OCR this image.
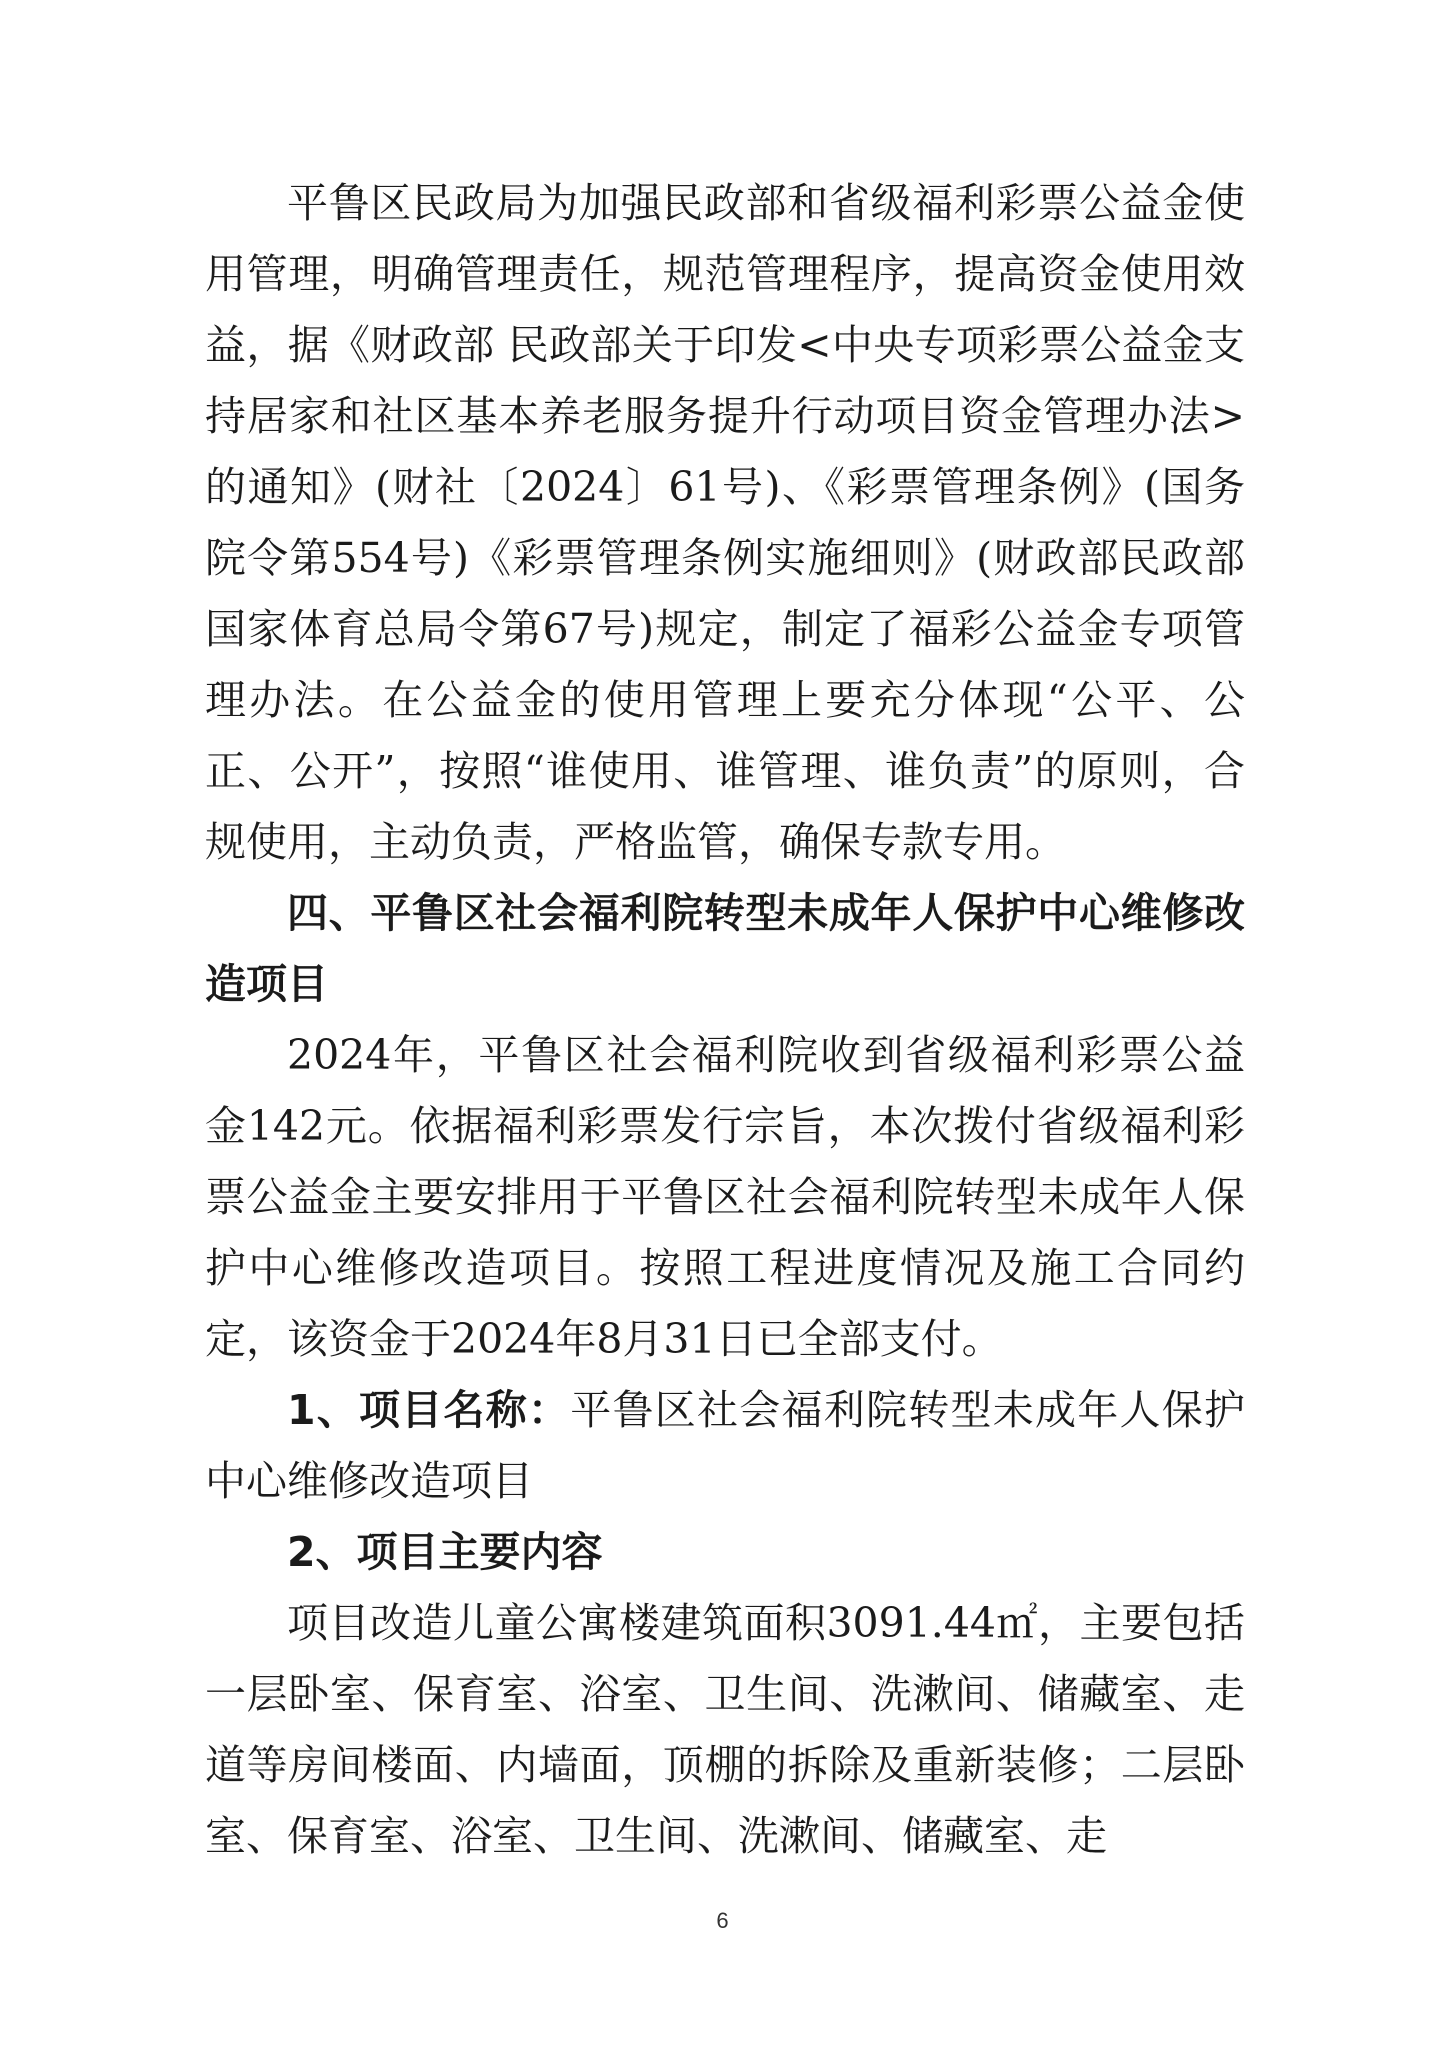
平鲁区民政局为加强民政部和省级福利彩票公益金使用管理，明确管理责任，规范管理程序，提高资金使用效益，据《财政部 民政部关于印发<中央专项彩票公益金支持居家和社区基本养老服务提升行动项目资金管理办法>的通知》(财社〔2024〕61号)、《彩票管理条例》(国务院令第554号)《彩票管理条例实施细则》(财政部民政部国家体育总局令第67号)规定，制定了福彩公益金专项管理办法。在公益金的使用管理上要充分体现“公平、公正、公开”，按照“谁使用、谁管理、谁负责”的原则，合规使用，主动负责，严格监管，确保专款专用。

四、平鲁区社会福利院转型未成年人保护中心维修改造项目

2024年，平鲁区社会福利院收到省级福利彩票公益金142元。依据福利彩票发行宗旨，本次拨付省级福利彩票公益金主要安排用于平鲁区社会福利院转型未成年人保护中心维修改造项目。按照工程进度情况及施工合同约定，该资金于2024年8月31日已全部支付。

1、项目名称：平鲁区社会福利院转型未成年人保护中心维修改造项目

2、项目主要内容

项目改造儿童公寓楼建筑面积3091.44㎡，主要包括一层卧室、保育室、浴室、卫生间、洗漱间、储藏室、走道等房间楼面、内墙面，顶棚的拆除及重新装修；二层卧室、保育室、浴室、卫生间、洗漱间、储藏室、走

6
